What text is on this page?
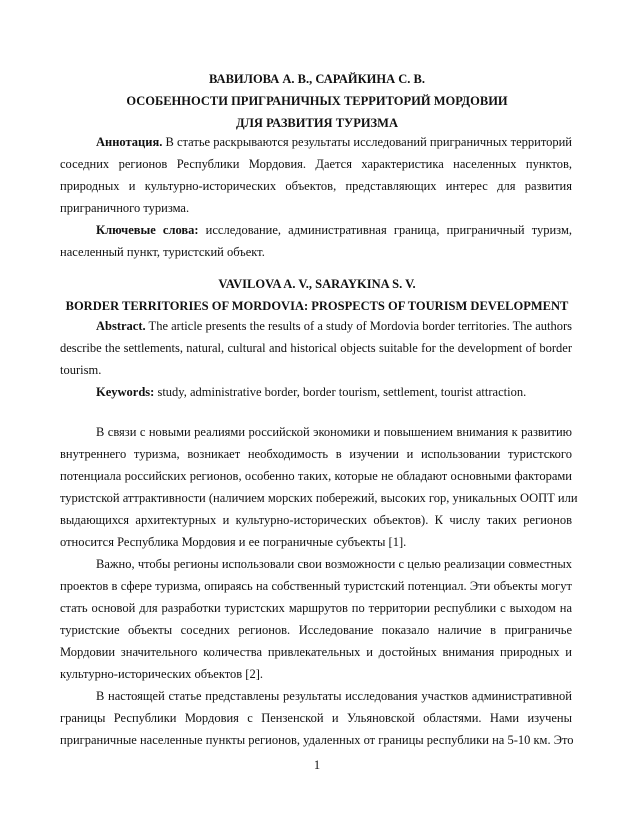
ВАВИЛОВА А. В., САРАЙКИНА С. В.
ОСОБЕННОСТИ ПРИГРАНИЧНЫХ ТЕРРИТОРИЙ МОРДОВИИ
ДЛЯ РАЗВИТИЯ ТУРИЗМА
Аннотация. В статье раскрываются результаты исследований приграничных территорий
соседних регионов Республики Мордовия. Дается характеристика населенных пунктов,
природных и культурно-исторических объектов, представляющих интерес для развития
приграничного туризма.
Ключевые слова: исследование, административная граница, приграничный туризм,
населенный пункт, туристский объект.
VAVILOVA A. V., SARAYKINA S. V.
BORDER TERRITORIES OF MORDOVIA: PROSPECTS OF TOURISM DEVELOPMENT
Abstract. The article presents the results of a study of Mordovia border territories. The authors
describe the settlements, natural, cultural and historical objects suitable for the development of border
tourism.
Keywords: study, administrative border, border tourism, settlement, tourist attraction.
В связи с новыми реалиями российской экономики и повышением внимания к развитию
внутреннего туризма, возникает необходимость в изучении и использовании туристского
потенциала российских регионов, особенно таких, которые не обладают основными факторами
туристской аттрактивности (наличием морских побережий, высоких гор, уникальных ООПТ или
выдающихся архитектурных и культурно-исторических объектов). К числу таких регионов
относится Республика Мордовия и ее пограничные субъекты [1].
Важно, чтобы регионы использовали свои возможности с целью реализации совместных
проектов в сфере туризма, опираясь на собственный туристский потенциал. Эти объекты могут
стать основой для разработки туристских маршрутов по территории республики с выходом на
туристские объекты соседних регионов. Исследование показало наличие в приграничье
Мордовии значительного количества привлекательных и достойных внимания природных и
культурно-исторических объектов [2].
В настоящей статье представлены результаты исследования участков административной
границы Республики Мордовия с Пензенской и Ульяновской областями. Нами изучены
приграничные населенные пункты регионов, удаленных от границы республики на 5-10 км. Это
1
